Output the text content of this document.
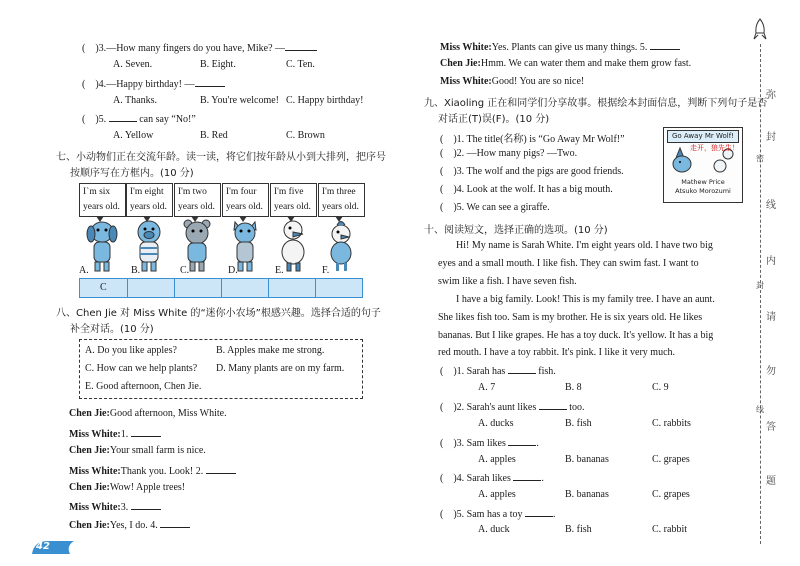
( )3.—How many fingers do you have, Mike? —
A. Seven.	B. Eight.	C. Ten.
( )4.—Happy birthday! —
A. Thanks.	B. You're welcome! C. Happy birthday!
( )5.	can say “No!”
A. Yellow	B. Red	C. Brown
七、小动物们正在交流年龄。读一读，将它们按年龄从小到大排列，把序号
按顺序写在方框内。(10 分)
I`m six
years old.
I'm eight
years old.
I'm two
years old.
I'm four
years old.
I'm five
years old.
I'm three
years old.
A.	B.	C.	D.	E.	F.
C
八、Chen Jie 对 Miss White 的“迷你小农场”根感兴趣。选择合适的句子
补全对话。(10 分)
A. Do you like apples?	B. Apples make me strong.
C. How can we help plants? D. Many plants are on my farm.
E. Good afternoon, Chen Jie.
Chen Jie:Good afternoon, Miss White.
Miss White:1.
Chen Jie:Your small farm is nice.
Miss White:Thank you. Look! 2.
Chen Jie:Wow! Apple trees!
Miss White:3.
Chen Jie:Yes, I do. 4.
42
Miss White:Yes. Plants can give us many things. 5.
Chen Jie:Hmm. We can water them and make them grow fast.
Miss White:Good! You are so nice!
九、Xiaoling 正在和同学们分享故事。根据绘本封面信息，判断下列句子是否
对话正(T)误(F)。(10 分)
(    )1. The title(名称) is “Go Away Mr Wolf!”
(    )2. —How many pigs? —Two.
(    )3. The wolf and the pigs are good friends.
(    )4. Look at the wolf. It has a big mouth.
(    )5. We can see a giraffe.
Go Away Mr Wolf!
走开，狼先生！
Mathew Price
Atsuko Morozumi
十、阅读短文，选择正确的选项。(10 分)
Hi! My name is Sarah White. I'm eight years old. I have two big
eyes and a small mouth. I like fish. They can swim fast. I want to
swim like a fish. I have seven fish.
I have a big family. Look! This is my family tree. I have an aunt.
She likes fish too. Sam is my brother. He is six years old. He likes
bananas. But I like grapes. He has a toy duck. It's yellow. It has a big
red mouth. I have a toy rabbit. It's pink. I like it very much.
(    )1. Sarah has	fish.
A. 7	B. 8	C. 9
(    )2. Sarah's aunt likes	too.
A. ducks	B. fish	C. rabbits
(    )3. Sam likes	.
A. apples	B. bananas	C. grapes
(    )4. Sarah likes	.
A. apples	B. bananas	C. grapes
(    )5. Sam has a toy	.
A. duck	B. fish	C. rabbit
弥
密
封
线
内
封
请
勿
线
答
题
